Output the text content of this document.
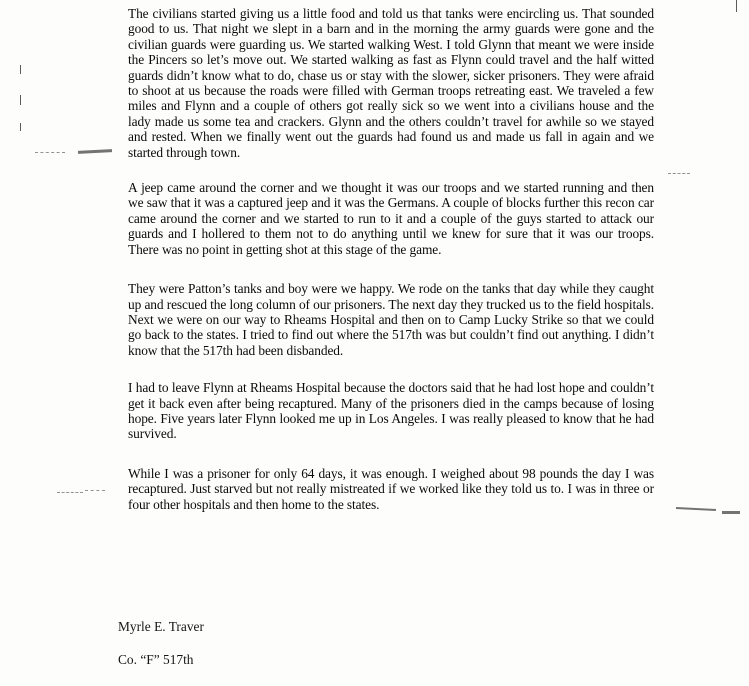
The civilians started giving us a little food and told us that tanks were encircling us. That sounded good to us. That night we slept in a barn and in the morning the army guards were gone and the civilian guards were guarding us. We started walking West. I told Glynn that meant we were inside the Pincers so let’s move out. We started walking as fast as Flynn could travel and the half witted guards didn’t know what to do, chase us or stay with the slower, sicker prisoners. They were afraid to shoot at us because the roads were filled with German troops retreating east. We traveled a few miles and Flynn and a couple of others got really sick so we went into a civilians house and the lady made us some tea and crackers. Glynn and the others couldn’t travel for awhile so we stayed and rested. When we finally went out the guards had found us and made us fall in again and we started through town.

A jeep came around the corner and we thought it was our troops and we started running and then we saw that it was a captured jeep and it was the Germans. A couple of blocks further this recon car came around the corner and we started to run to it and a couple of the guys started to attack our guards and I hollered to them not to do anything until we knew for sure that it was our troops. There was no point in getting shot at this stage of the game.

They were Patton’s tanks and boy were we happy. We rode on the tanks that day while they caught up and rescued the long column of our prisoners. The next day they trucked us to the field hospitals. Next we were on our way to Rheams Hospital and then on to Camp Lucky Strike so that we could go back to the states. I tried to find out where the 517th was but couldn’t find out anything. I didn’t know that the 517th had been disbanded.

I had to leave Flynn at Rheams Hospital because the doctors said that he had lost hope and couldn’t get it back even after being recaptured. Many of the prisoners died in the camps because of losing hope. Five years later Flynn looked me up in Los Angeles. I was really pleased to know that he had survived.

While I was a prisoner for only 64 days, it was enough. I weighed about 98 pounds the day I was recaptured. Just starved but not really mistreated if we worked like they told us to. I was in three or four other hospitals and then home to the states.

Myrle E. Traver
Co. “F” 517th
